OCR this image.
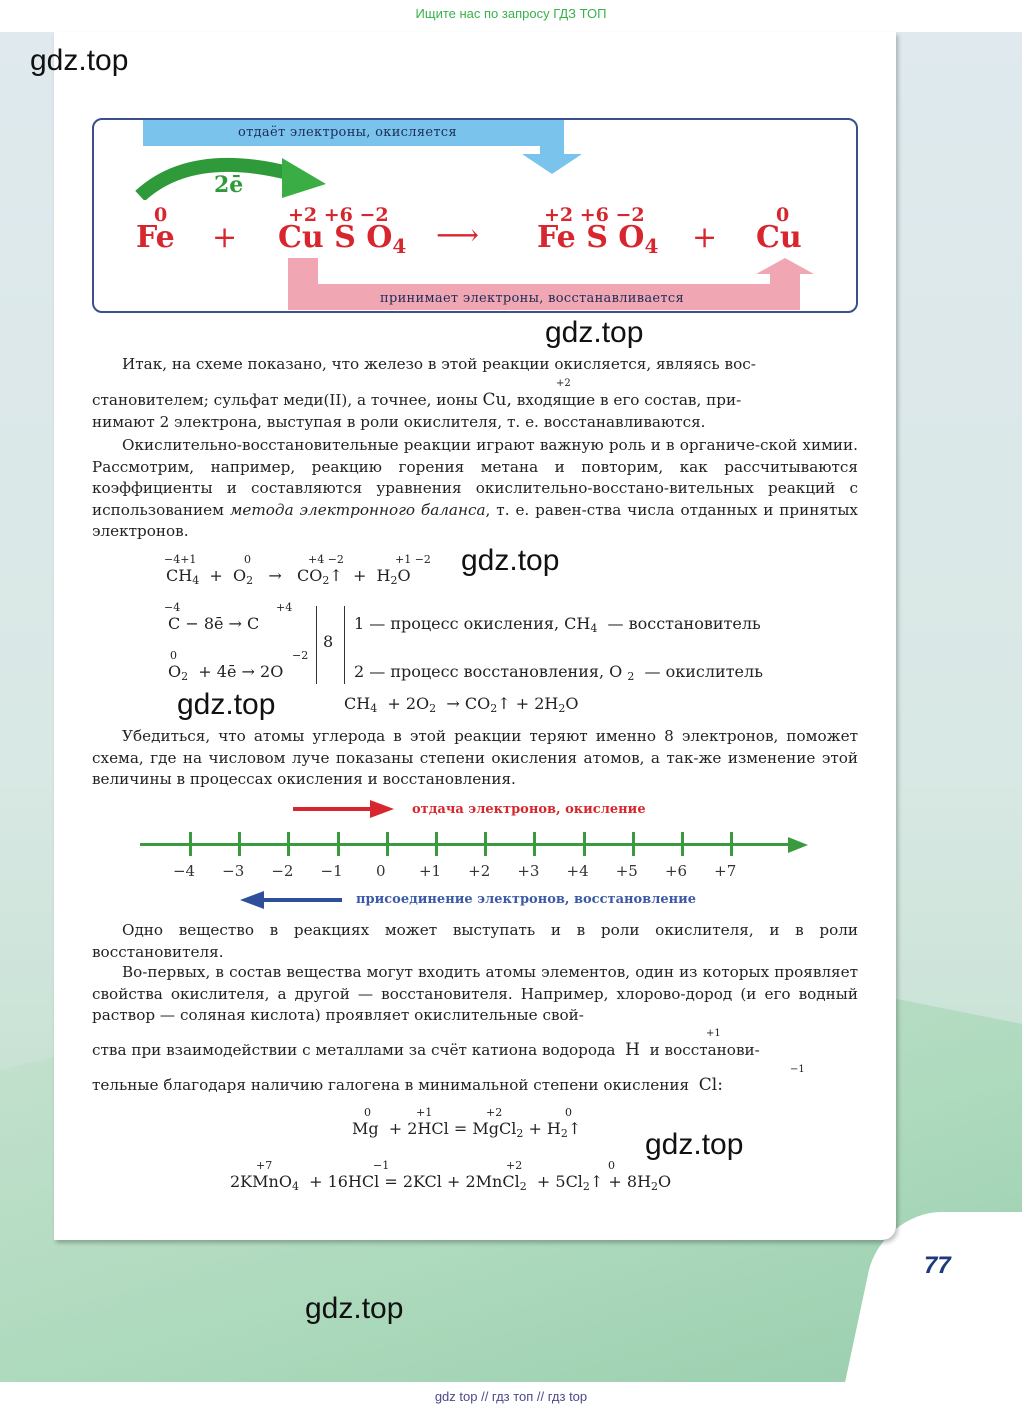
Ищите нас по запросу ГДЗ ТОП
gdz.top
отдаёт электроны, окисляется
2ē
0
Fe +
+2 +6 −2
Cu S $O_4$ ⟶
+2 +6 −2
Fe S $O_4$ +
0
Cu
принимает электроны, восстанавливается
gdz.top
Итак, на схеме показано, что железо в этой реакции окисляется, являясь вос-
+2
становителем; сульфат меди(II), а точнее, ионы Cu, входящие в его состав, при-
нимают 2 электрона, выступая в роли окислителя, т. е. восстанавливаются.
Окислительно-восстановительные реакции играют важную роль и в органиче-ской химии. Рассмотрим, например, реакцию горения метана и повторим, как рассчитываются коэффициенты и составляются уравнения окислительно-восстано-вительных реакций с использованием метода электронного баланса, т. е. равен-ства числа отданных и принятых электронов.
−4+1	0	+4 −2	+1 −2
$CH_4 + O_2$ → $CO_2↑ + H_2O$ gdz.top
−4	+4
C − 8ē → C
0	−2
$O_2$ + 4ē → 2O
8
1 — процесс окисления, $CH_4$ — восстановитель
2 — процесс восстановления, O $_2$ — окислитель
$CH_4 + 2O_2$ → $CO_2↑ + 2H_2O$
gdz.top
Убедиться, что атомы углерода в этой реакции теряют именно 8 электронов, поможет схема, где на числовом луче показаны степени окисления атомов, а так-же изменение этой величины в процессах окисления и восстановления.
отдача электронов, окисление
−4	−3	−2	−1	0	+1	+2	+3	+4	+5	+6	+7
присоединение электронов, восстановление
Одно вещество в реакциях может выступать и в роли окислителя, и в роли восстановителя.
Во-первых, в состав вещества могут входить атомы элементов, один из которых проявляет свойства окислителя, а другой — восстановителя. Например, хлорово-дород (и его водный раствор — соляная кислота) проявляет окислительные свой-
+1
ства при взаимодействии с металлами за счёт катиона водорода H и восстанови-
−1
тельные благодаря наличию галогена в минимальной степени окисления Cl:
0	+1	+2	0
Mg + 2HCl = MgCl$_2$ + $H_2↑$ gdz.top
+7	−1	+2	0
2KMnO$_4$ + 16HCl = 2KCl + 2MnCl$_2$ + $5Cl_2↑ + 8H_2O$
77
gdz.top
gdz top // гдз топ // гдз top
